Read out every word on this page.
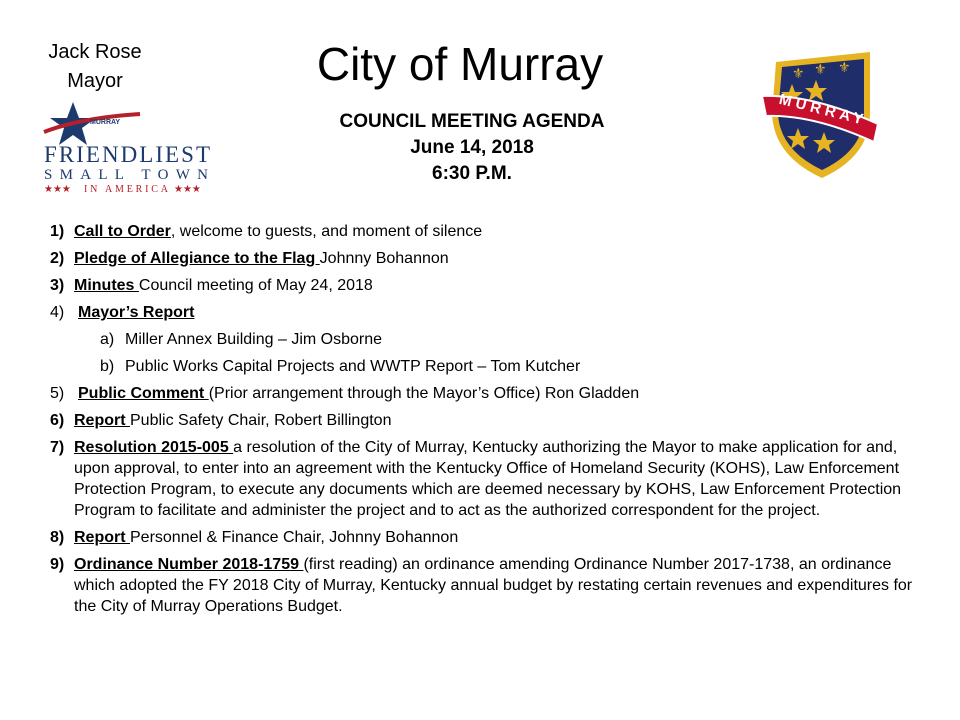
Jack Rose
Mayor
MURRAY
FRIENDLIEST
SMALL TOWN
★★★ IN AMERICA ★★★
City of Murray
COUNCIL MEETING AGENDA
June 14, 2018
6:30 P.M.
⚜ ⚜ ⚜
MURRAY
1) Call to Order, welcome to guests, and moment of silence
2) Pledge of Allegiance to the Flag Johnny Bohannon
3) Minutes Council meeting of May 24, 2018
4) Mayor’s Report
a) Miller Annex Building – Jim Osborne
b) Public Works Capital Projects and WWTP Report – Tom Kutcher
5) Public Comment (Prior arrangement through the Mayor’s Office) Ron Gladden
6) Report Public Safety Chair, Robert Billington
7) Resolution 2015-005 a resolution of the City of Murray, Kentucky authorizing the Mayor to make application for and, upon approval, to enter into an agreement with the Kentucky Office of Homeland Security (KOHS), Law Enforcement Protection Program, to execute any documents which are deemed necessary by KOHS, Law Enforcement Protection Program to facilitate and administer the project and to act as the authorized correspondent for the project.
8) Report Personnel & Finance Chair, Johnny Bohannon
9) Ordinance Number 2018-1759 (first reading) an ordinance amending Ordinance Number 2017-1738, an ordinance which adopted the FY 2018 City of Murray, Kentucky annual budget by restating certain revenues and expenditures for the City of Murray Operations Budget.
